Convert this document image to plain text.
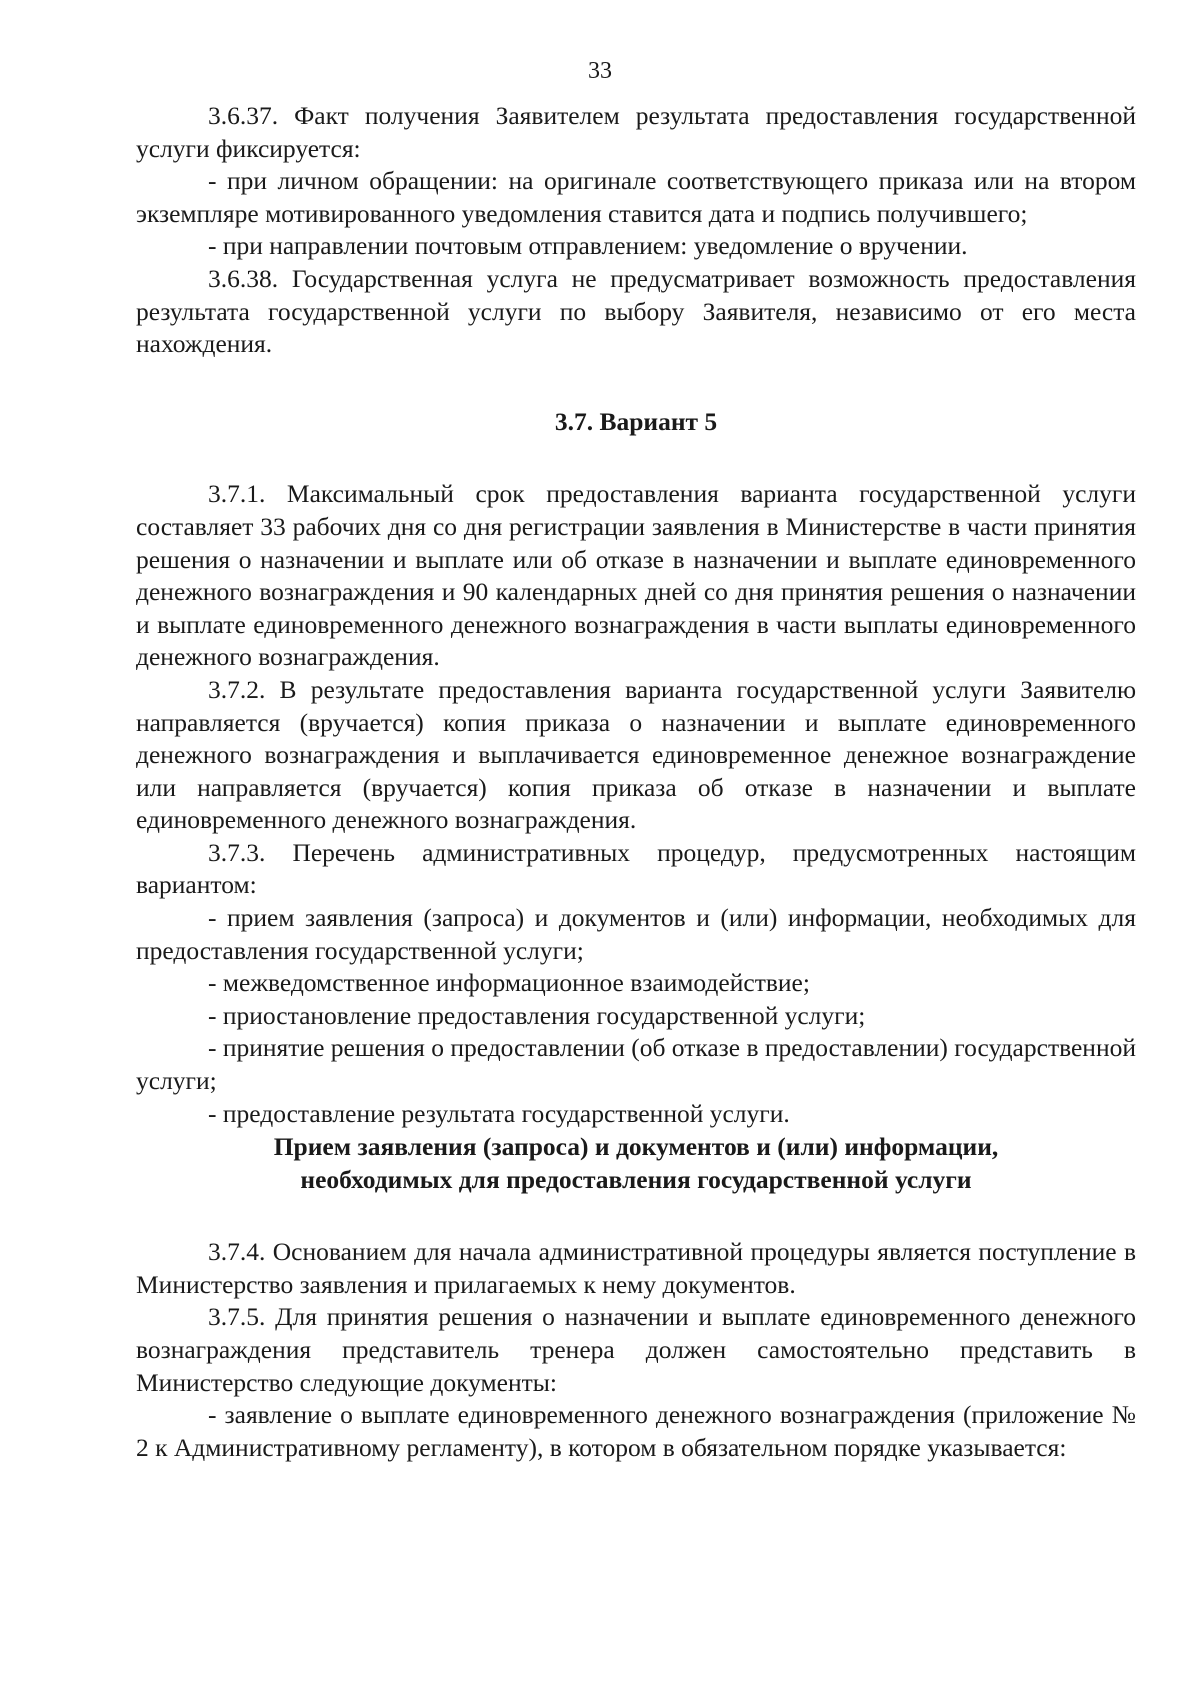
33

3.6.37. Факт получения Заявителем результата предоставления государственной услуги фиксируется:

- при личном обращении: на оригинале соответствующего приказа или на втором экземпляре мотивированного уведомления ставится дата и подпись получившего;

- при направлении почтовым отправлением: уведомление о вручении.

3.6.38. Государственная услуга не предусматривает возможность предоставления результата государственной услуги по выбору Заявителя, независимо от его места нахождения.

3.7. Вариант 5

3.7.1. Максимальный срок предоставления варианта государственной услуги составляет 33 рабочих дня со дня регистрации заявления в Министерстве в части принятия решения о назначении и выплате или об отказе в назначении и выплате единовременного денежного вознаграждения и 90 календарных дней со дня принятия решения о назначении и выплате единовременного денежного вознаграждения в части выплаты единовременного денежного вознаграждения.

3.7.2. В результате предоставления варианта государственной услуги Заявителю направляется (вручается) копия приказа о назначении и выплате единовременного денежного вознаграждения и выплачивается единовременное денежное вознаграждение или направляется (вручается) копия приказа об отказе в назначении и выплате единовременного денежного вознаграждения.

3.7.3. Перечень административных процедур, предусмотренных настоящим вариантом:

- прием заявления (запроса) и документов и (или) информации, необходимых для предоставления государственной услуги;

- межведомственное информационное взаимодействие;

- приостановление предоставления государственной услуги;

- принятие решения о предоставлении (об отказе в предоставлении) государственной услуги;

- предоставление результата государственной услуги.

Прием заявления (запроса) и документов и (или) информации,
необходимых для предоставления государственной услуги

3.7.4. Основанием для начала административной процедуры является поступление в Министерство заявления и прилагаемых к нему документов.

3.7.5. Для принятия решения о назначении и выплате единовременного денежного вознаграждения представитель тренера должен самостоятельно представить в Министерство следующие документы:

- заявление о выплате единовременного денежного вознаграждения (приложение № 2 к Административному регламенту), в котором в обязательном порядке указывается:
